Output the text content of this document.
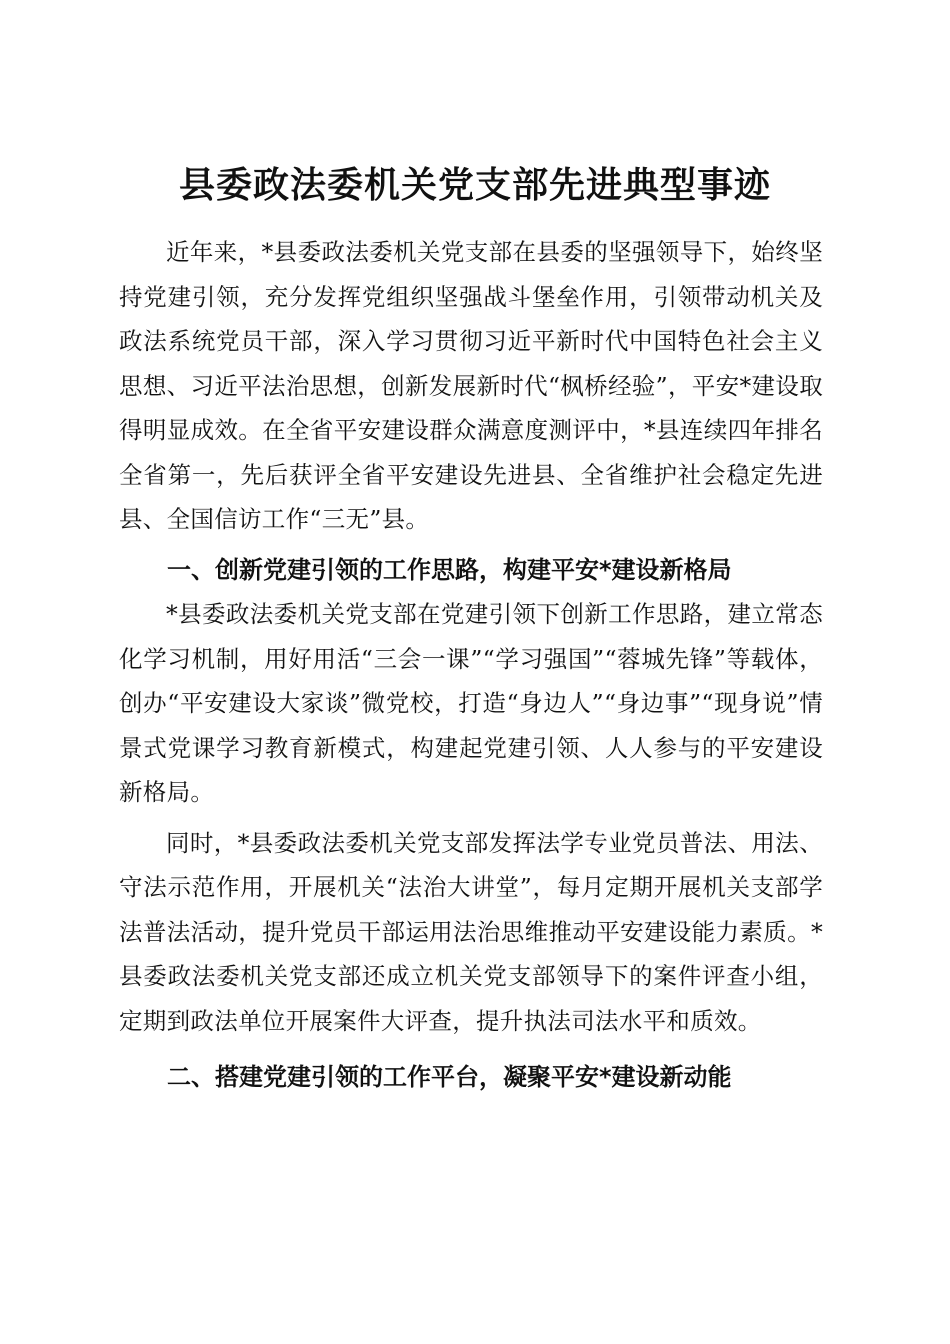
县委政法委机关党支部先进典型事迹

近年来，*县委政法委机关党支部在县委的坚强领导下，始终坚持党建引领，充分发挥党组织坚强战斗堡垒作用，引领带动机关及政法系统党员干部，深入学习贯彻习近平新时代中国特色社会主义思想、习近平法治思想，创新发展新时代“枫桥经验”，平安*建设取得明显成效。在全省平安建设群众满意度测评中，*县连续四年排名全省第一，先后获评全省平安建设先进县、全省维护社会稳定先进县、全国信访工作“三无”县。

一、创新党建引领的工作思路，构建平安*建设新格局

*县委政法委机关党支部在党建引领下创新工作思路，建立常态化学习机制，用好用活“三会一课”“学习强国”“蓉城先锋”等载体，创办“平安建设大家谈”微党校，打造“身边人”“身边事”“现身说”情景式党课学习教育新模式，构建起党建引领、人人参与的平安建设新格局。

同时，*县委政法委机关党支部发挥法学专业党员普法、用法、守法示范作用，开展机关“法治大讲堂”，每月定期开展机关支部学法普法活动，提升党员干部运用法治思维推动平安建设能力素质。*县委政法委机关党支部还成立机关党支部领导下的案件评查小组，定期到政法单位开展案件大评查，提升执法司法水平和质效。

二、搭建党建引领的工作平台，凝聚平安*建设新动能
